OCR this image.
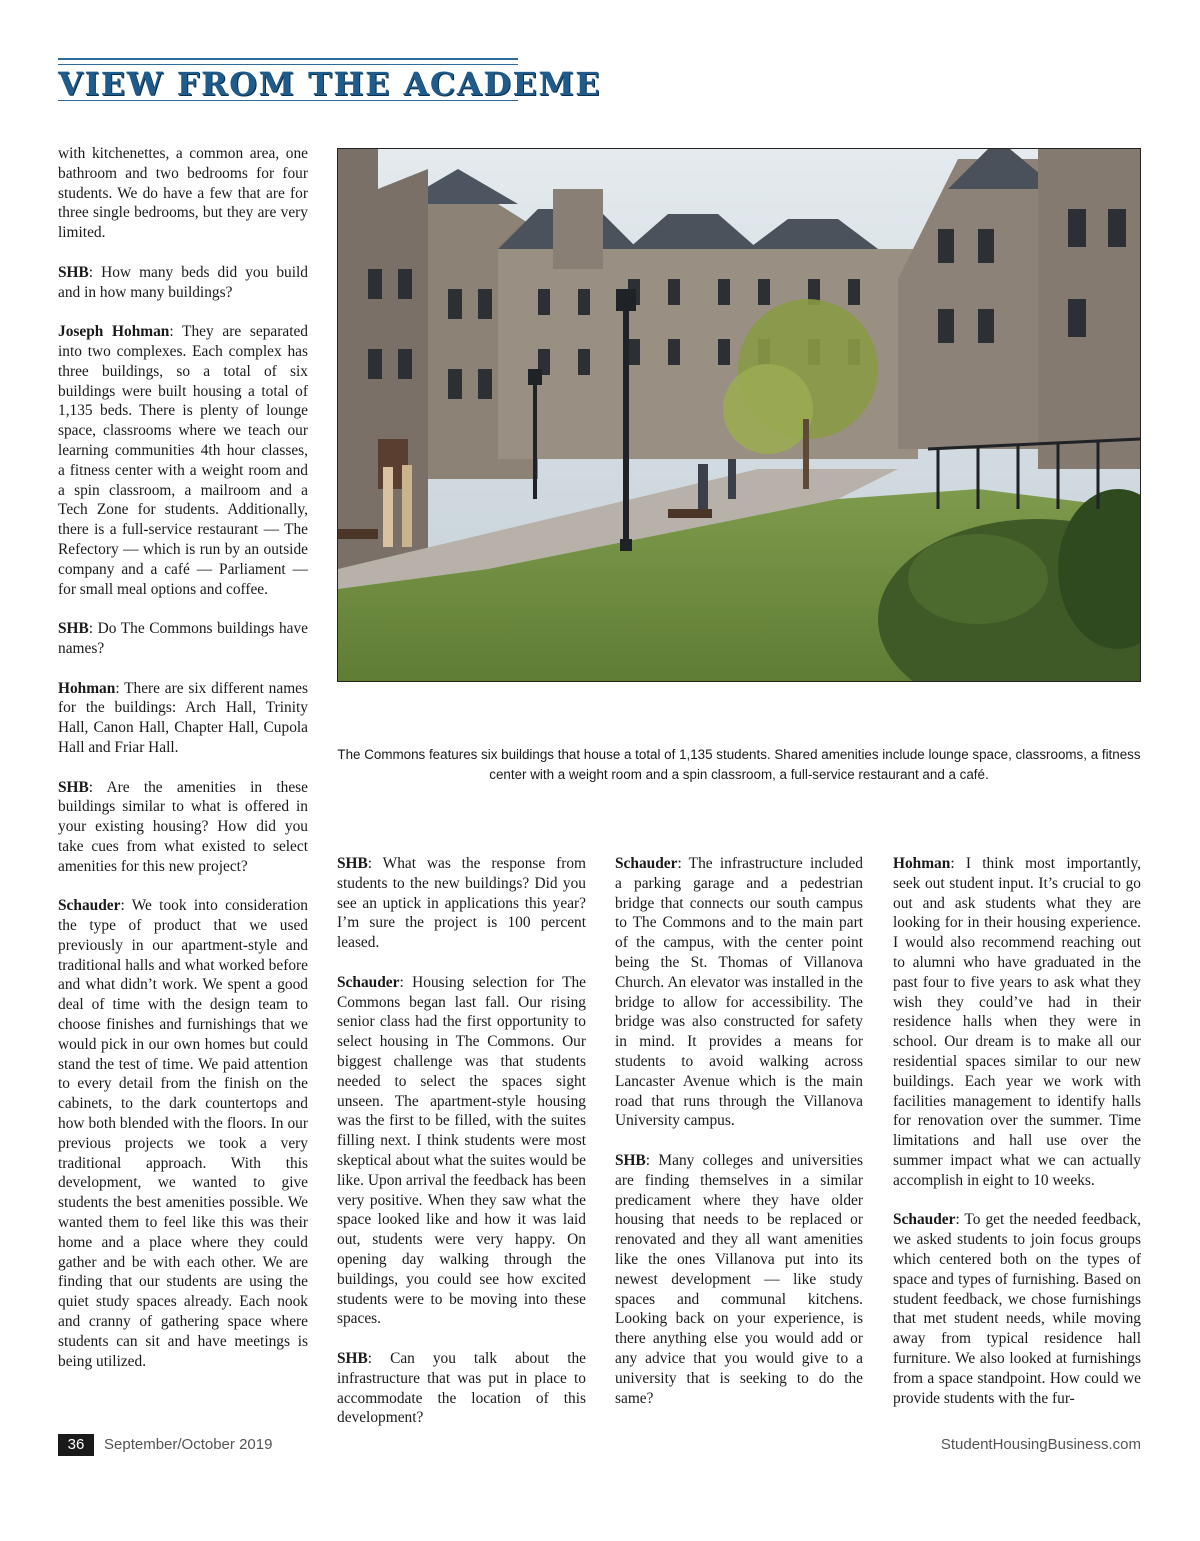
VIEW FROM THE ACADEME

with kitchenettes, a common area, one bathroom and two bedrooms for four students. We do have a few that are for three single bedrooms, but they are very limited.

SHB: How many beds did you build and in how many buildings?

Joseph Hohman: They are separated into two complexes. Each complex has three buildings, so a total of six buildings were built housing a total of 1,135 beds. There is plenty of lounge space, classrooms where we teach our learning communities 4th hour classes, a fitness center with a weight room and a spin classroom, a mailroom and a Tech Zone for students. Additionally, there is a full-service restaurant — The Refectory — which is run by an outside company and a café — Parliament — for small meal options and coffee.

SHB: Do The Commons buildings have names?

Hohman: There are six different names for the buildings: Arch Hall, Trinity Hall, Canon Hall, Chapter Hall, Cupola Hall and Friar Hall.

SHB: Are the amenities in these buildings similar to what is offered in your existing housing? How did you take cues from what existed to select amenities for this new project?

Schauder: We took into consideration the type of product that we used previously in our apartment-style and traditional halls and what worked before and what didn’t work. We spent a good deal of time with the design team to choose finishes and furnishings that we would pick in our own homes but could stand the test of time. We paid attention to every detail from the finish on the cabinets, to the dark countertops and how both blended with the floors. In our previous projects we took a very traditional approach. With this development, we wanted to give students the best amenities possible. We wanted them to feel like this was their home and a place where they could gather and be with each other. We are finding that our students are using the quiet study spaces already. Each nook and cranny of gathering space where students can sit and have meetings is being utilized.

The Commons features six buildings that house a total of 1,135 students. Shared amenities include lounge space, classrooms, a fitness center with a weight room and a spin classroom, a full-service restaurant and a café.

SHB: What was the response from students to the new buildings? Did you see an uptick in applications this year? I’m sure the project is 100 percent leased.

Schauder: Housing selection for The Commons began last fall. Our rising senior class had the first opportunity to select housing in The Commons. Our biggest challenge was that students needed to select the spaces sight unseen. The apartment-style housing was the first to be filled, with the suites filling next. I think students were most skeptical about what the suites would be like. Upon arrival the feedback has been very positive. When they saw what the space looked like and how it was laid out, students were very happy. On opening day walking through the buildings, you could see how excited students were to be moving into these spaces.

SHB: Can you talk about the infrastructure that was put in place to accommodate the location of this development?

Schauder: The infrastructure included a parking garage and a pedestrian bridge that connects our south campus to The Commons and to the main part of the campus, with the center point being the St. Thomas of Villanova Church. An elevator was installed in the bridge to allow for accessibility. The bridge was also constructed for safety in mind. It provides a means for students to avoid walking across Lancaster Avenue which is the main road that runs through the Villanova University campus.

SHB: Many colleges and universities are finding themselves in a similar predicament where they have older housing that needs to be replaced or renovated and they all want amenities like the ones Villanova put into its newest development — like study spaces and communal kitchens. Looking back on your experience, is there anything else you would add or any advice that you would give to a university that is seeking to do the same?

Hohman: I think most importantly, seek out student input. It’s crucial to go out and ask students what they are looking for in their housing experience. I would also recommend reaching out to alumni who have graduated in the past four to five years to ask what they wish they could’ve had in their residence halls when they were in school. Our dream is to make all our residential spaces similar to our new buildings. Each year we work with facilities management to identify halls for renovation over the summer. Time limitations and hall use over the summer impact what we can actually accomplish in eight to 10 weeks.

Schauder: To get the needed feedback, we asked students to join focus groups which centered both on the types of space and types of furnishing. Based on student feedback, we chose furnishings that met student needs, while moving away from typical residence hall furniture. We also looked at furnishings from a space standpoint. How could we provide students with the fur-

36	September/October 2019	StudentHousingBusiness.com
